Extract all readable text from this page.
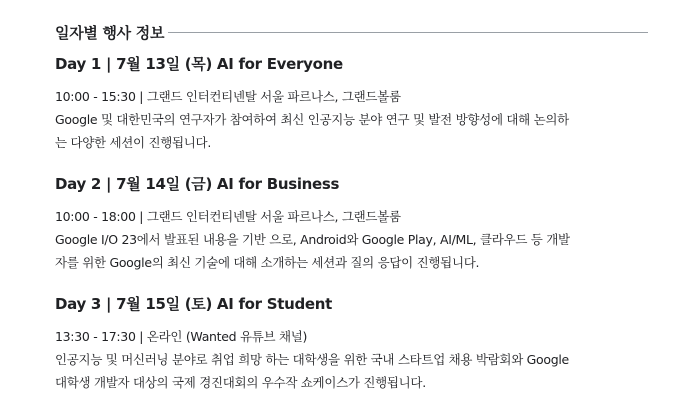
일자별 행사 정보
Day 1 | 7월 13일 (목) AI for Everyone
10:00 - 15:30 | 그랜드 인터컨티넨탈 서울 파르나스, 그랜드볼룸
Google 및 대한민국의 연구자가 참여하여 최신 인공지능 분야 연구 및 발전 방향성에 대해 논의하는 다양한 세션이 진행됩니다.
Day 2 | 7월 14일 (금) AI for Business
10:00 - 18:00 | 그랜드 인터컨티넨탈 서울 파르나스, 그랜드볼룸
Google I/O 23에서 발표된 내용을 기반 으로, Android와 Google Play, AI/ML, 클라우드 등 개발자를 위한 Google의 최신 기술에 대해 소개하는 세션과 질의 응답이 진행됩니다.
Day 3 | 7월 15일 (토) AI for Student
13:30 - 17:30 | 온라인 (Wanted 유튜브 채널)
인공지능 및 머신러닝 분야로 취업 희망 하는 대학생을 위한 국내 스타트업 채용 박람회와 Google 대학생 개발자 대상의 국제 경진대회의 우수작 쇼케이스가 진행됩니다.
